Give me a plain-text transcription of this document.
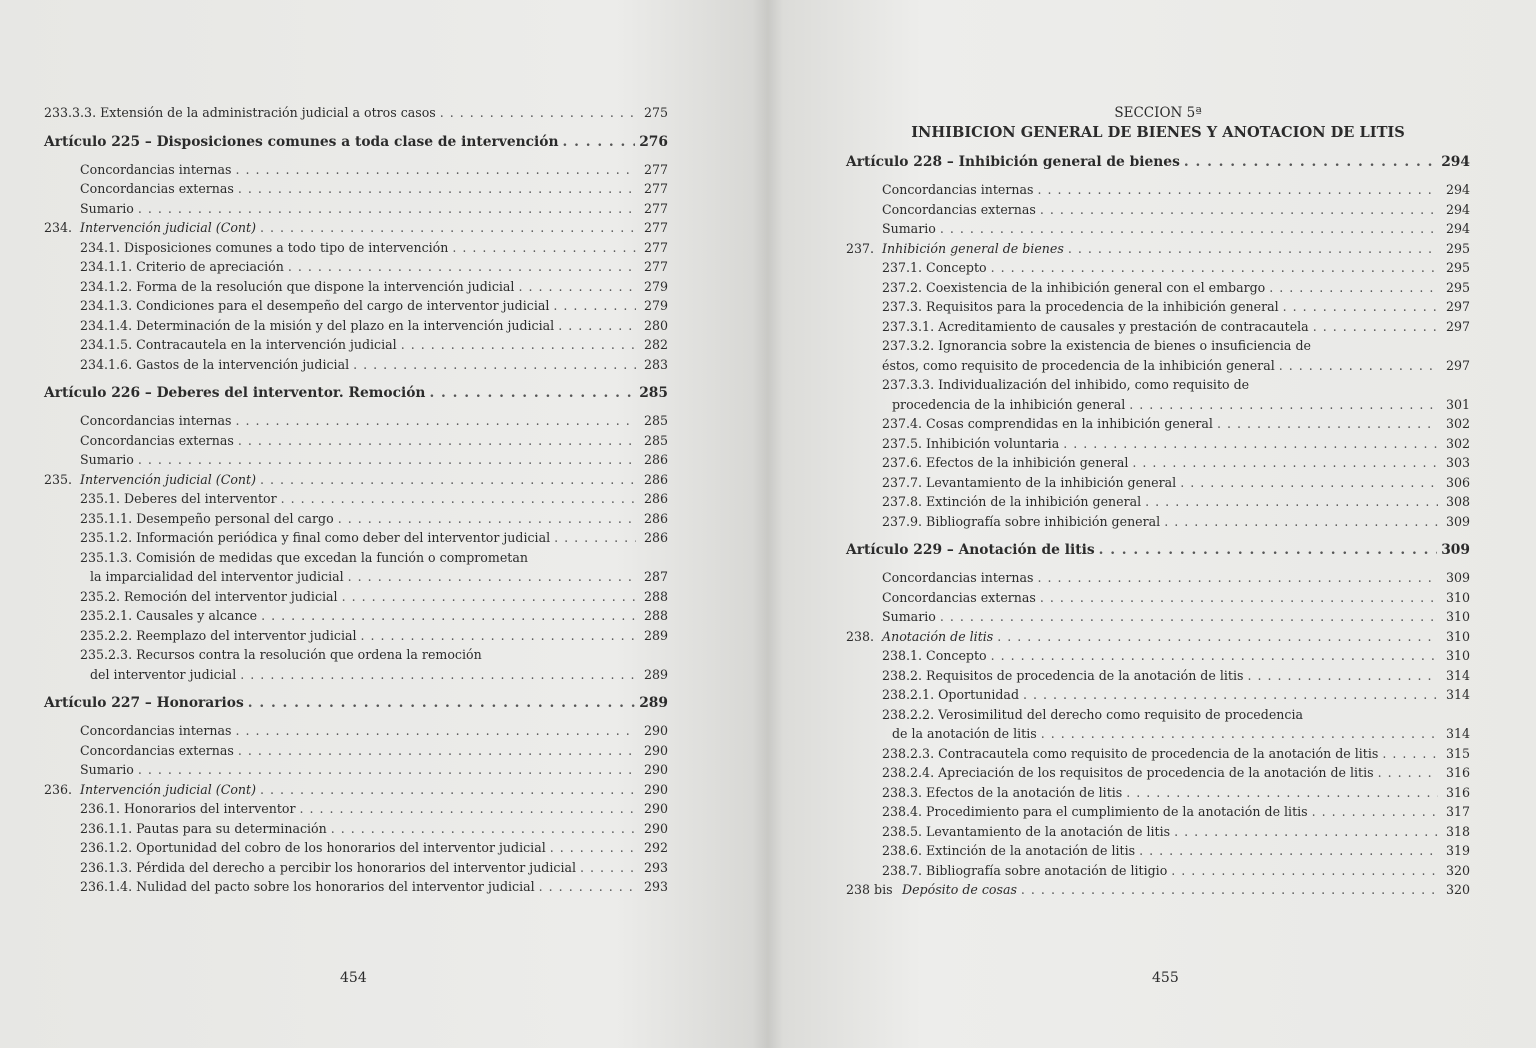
233.3.3. Extensión de la administración judicial a otros casos . . .	275
Artículo 225 – Disposiciones comunes a toda clase de intervención . . .	276
Concordancias internas . . .	277
Concordancias externas . . .	277
Sumario . . .	277
234. Intervención judicial (Cont) . . .	277
234.1. Disposiciones comunes a todo tipo de intervención . . .	277
234.1.1. Criterio de apreciación . . .	277
234.1.2. Forma de la resolución que dispone la intervención judicial . . .	279
234.1.3. Condiciones para el desempeño del cargo de interventor judicial . . .	279
234.1.4. Determinación de la misión y del plazo en la intervención judicial . . .	280
234.1.5. Contracautela en la intervención judicial . . .	282
234.1.6. Gastos de la intervención judicial . . .	283
Artículo 226 – Deberes del interventor. Remoción . . .	285
Concordancias internas . . .	285
Concordancias externas . . .	285
Sumario . . .	286
235. Intervención judicial (Cont) . . .	286
235.1. Deberes del interventor . . .	286
235.1.1. Desempeño personal del cargo . . .	286
235.1.2. Información periódica y final como deber del interventor judicial . . .	286
235.1.3. Comisión de medidas que excedan la función o comprometan
la imparcialidad del interventor judicial . . .	287
235.2. Remoción del interventor judicial . . .	288
235.2.1. Causales y alcance . . .	288
235.2.2. Reemplazo del interventor judicial . . .	289
235.2.3. Recursos contra la resolución que ordena la remoción
del interventor judicial . . .	289
Artículo 227 – Honorarios . . .	289
Concordancias internas . . .	290
Concordancias externas . . .	290
Sumario . . .	290
236. Intervención judicial (Cont) . . .	290
236.1. Honorarios del interventor . . .	290
236.1.1. Pautas para su determinación . . .	290
236.1.2. Oportunidad del cobro de los honorarios del interventor judicial . . .	292
236.1.3. Pérdida del derecho a percibir los honorarios del interventor judicial . . .	293
236.1.4. Nulidad del pacto sobre los honorarios del interventor judicial . . .	293
454
SECCION 5ª
INHIBICION GENERAL DE BIENES Y ANOTACION DE LITIS
Artículo 228 – Inhibición general de bienes . . .	294
Concordancias internas . . .	294
Concordancias externas . . .	294
Sumario . . .	294
237. Inhibición general de bienes . . .	295
237.1. Concepto . . .	295
237.2. Coexistencia de la inhibición general con el embargo . . .	295
237.3. Requisitos para la procedencia de la inhibición general . . .	297
237.3.1. Acreditamiento de causales y prestación de contracautela . . .	297
237.3.2. Ignorancia sobre la existencia de bienes o insuficiencia de
éstos, como requisito de procedencia de la inhibición general . . .	297
237.3.3. Individualización del inhibido, como requisito de
procedencia de la inhibición general . . .	301
237.4. Cosas comprendidas en la inhibición general . . .	302
237.5. Inhibición voluntaria . . .	302
237.6. Efectos de la inhibición general . . .	303
237.7. Levantamiento de la inhibición general . . .	306
237.8. Extinción de la inhibición general . . .	308
237.9. Bibliografía sobre inhibición general . . .	309
Artículo 229 – Anotación de litis . . .	309
Concordancias internas . . .	309
Concordancias externas . . .	310
Sumario . . .	310
238. Anotación de litis . . .	310
238.1. Concepto . . .	310
238.2. Requisitos de procedencia de la anotación de litis . . .	314
238.2.1. Oportunidad . . .	314
238.2.2. Verosimilitud del derecho como requisito de procedencia
de la anotación de litis . . .	314
238.2.3. Contracautela como requisito de procedencia de la anotación de litis . . .	315
238.2.4. Apreciación de los requisitos de procedencia de la anotación de litis . . .	316
238.3. Efectos de la anotación de litis . . .	316
238.4. Procedimiento para el cumplimiento de la anotación de litis . . .	317
238.5. Levantamiento de la anotación de litis . . .	318
238.6. Extinción de la anotación de litis . . .	319
238.7. Bibliografía sobre anotación de litigio . . .	320
238 bis Depósito de cosas . . .	320
455
